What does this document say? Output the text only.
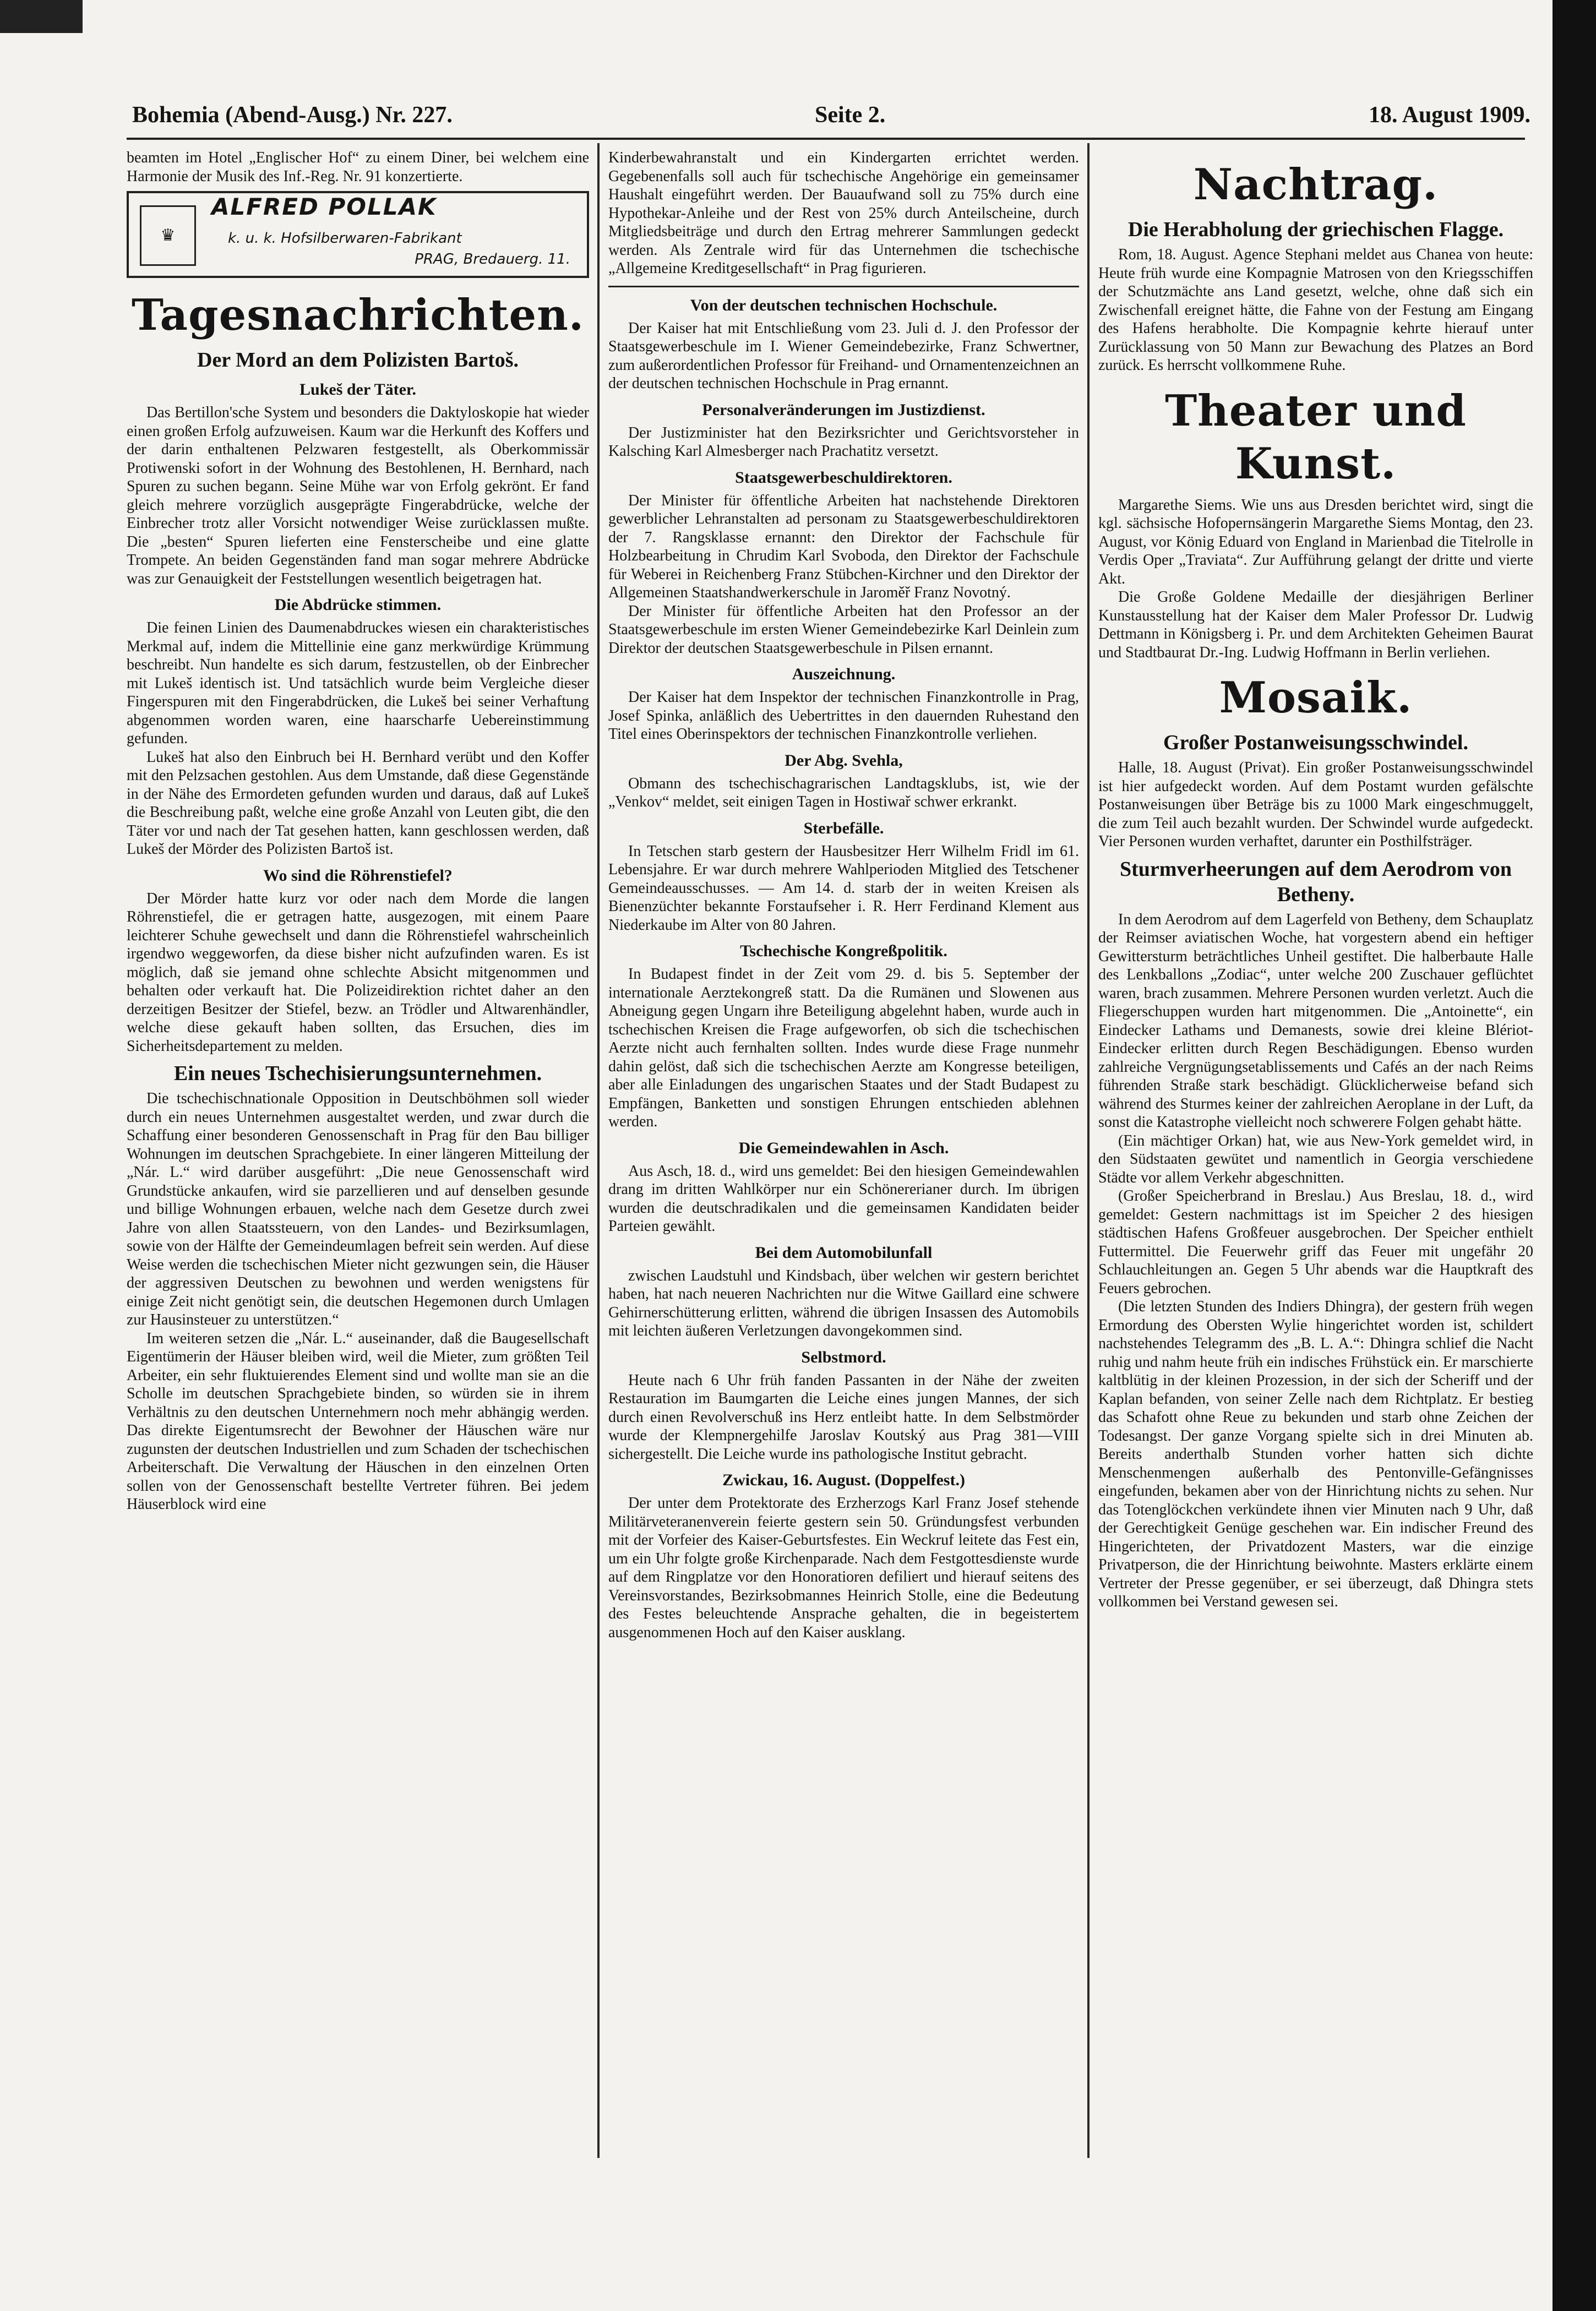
Bohemia (Abend-Ausg.) Nr. 227.	Seite 2.	18. August 1909.

beamten im Hotel „Englischer Hof“ zu einem Diner, bei welchem eine Harmonie der Musik des Inf.-Reg. Nr. 91 konzertierte.

♛
ALFRED POLLAK
k. u. k. Hofsilberwaren-Fabrikant
PRAG, Bredauerg. 11.
Tagesnachrichten.
Der Mord an dem Polizisten Bartoš.
Lukeš der Täter.

Das Bertillon'sche System und besonders die Daktyloskopie hat wieder einen großen Erfolg aufzuweisen. Kaum war die Herkunft des Koffers und der darin enthaltenen Pelzwaren festgestellt, als Oberkommissär Protiwenski sofort in der Wohnung des Bestohlenen, H. Bernhard, nach Spuren zu suchen begann. Seine Mühe war von Erfolg gekrönt. Er fand gleich mehrere vorzüglich ausgeprägte Fingerabdrücke, welche der Einbrecher trotz aller Vorsicht notwendiger Weise zurücklassen mußte. Die „besten“ Spuren lieferten eine Fensterscheibe und eine glatte Trompete. An beiden Gegenständen fand man sogar mehrere Abdrücke was zur Genauigkeit der Feststellungen wesentlich beigetragen hat.

Die Abdrücke stimmen.

Die feinen Linien des Daumenabdruckes wiesen ein charakteristisches Merkmal auf, indem die Mittellinie eine ganz merkwürdige Krümmung beschreibt. Nun handelte es sich darum, festzustellen, ob der Einbrecher mit Lukeš identisch ist. Und tatsächlich wurde beim Vergleiche dieser Fingerspuren mit den Fingerabdrücken, die Lukeš bei seiner Verhaftung abgenommen worden waren, eine haarscharfe Uebereinstimmung gefunden.

Lukeš hat also den Einbruch bei H. Bernhard verübt und den Koffer mit den Pelzsachen gestohlen. Aus dem Umstande, daß diese Gegenstände in der Nähe des Ermordeten gefunden wurden und daraus, daß auf Lukeš die Beschreibung paßt, welche eine große Anzahl von Leuten gibt, die den Täter vor und nach der Tat gesehen hatten, kann geschlossen werden, daß Lukeš der Mörder des Polizisten Bartoš ist.

Wo sind die Röhrenstiefel?

Der Mörder hatte kurz vor oder nach dem Morde die langen Röhrenstiefel, die er getragen hatte, ausgezogen, mit einem Paare leichterer Schuhe gewechselt und dann die Röhrenstiefel wahrscheinlich irgendwo weggeworfen, da diese bisher nicht aufzufinden waren. Es ist möglich, daß sie jemand ohne schlechte Absicht mitgenommen und behalten oder verkauft hat. Die Polizeidirektion richtet daher an den derzeitigen Besitzer der Stiefel, bezw. an Trödler und Altwarenhändler, welche diese gekauft haben sollten, das Ersuchen, dies im Sicherheitsdepartement zu melden.

Ein neues Tschechisierungsunternehmen.

Die tschechischnationale Opposition in Deutschböhmen soll wieder durch ein neues Unternehmen ausgestaltet werden, und zwar durch die Schaffung einer besonderen Genossenschaft in Prag für den Bau billiger Wohnungen im deutschen Sprachgebiete. In einer längeren Mitteilung der „Nár. L.“ wird darüber ausgeführt: „Die neue Genossenschaft wird Grundstücke ankaufen, wird sie parzellieren und auf denselben gesunde und billige Wohnungen erbauen, welche nach dem Gesetze durch zwei Jahre von allen Staatssteuern, von den Landes- und Bezirksumlagen, sowie von der Hälfte der Gemeindeumlagen befreit sein werden. Auf diese Weise werden die tschechischen Mieter nicht gezwungen sein, die Häuser der aggressiven Deutschen zu bewohnen und werden wenigstens für einige Zeit nicht genötigt sein, die deutschen Hegemonen durch Umlagen zur Hausinsteuer zu unterstützen.“

Im weiteren setzen die „Nár. L.“ auseinander, daß die Baugesellschaft Eigentümerin der Häuser bleiben wird, weil die Mieter, zum größten Teil Arbeiter, ein sehr fluktuierendes Element sind und wollte man sie an die Scholle im deutschen Sprachgebiete binden, so würden sie in ihrem Verhältnis zu den deutschen Unternehmern noch mehr abhängig werden. Das direkte Eigentumsrecht der Bewohner der Häuschen wäre nur zugunsten der deutschen Industriellen und zum Schaden der tschechischen Arbeiterschaft. Die Verwaltung der Häuschen in den einzelnen Orten sollen von der Genossenschaft bestellte Vertreter führen. Bei jedem Häuserblock wird eine

Kinderbewahranstalt und ein Kindergarten errichtet werden. Gegebenenfalls soll auch für tschechische Angehörige ein gemeinsamer Haushalt eingeführt werden. Der Bauaufwand soll zu 75% durch eine Hypothekar-Anleihe und der Rest von 25% durch Anteilscheine, durch Mitgliedsbeiträge und durch den Ertrag mehrerer Sammlungen gedeckt werden. Als Zentrale wird für das Unternehmen die tschechische „Allgemeine Kreditgesellschaft“ in Prag figurieren.

Von der deutschen technischen Hochschule.

Der Kaiser hat mit Entschließung vom 23. Juli d. J. den Professor der Staatsgewerbeschule im I. Wiener Gemeindebezirke, Franz Schwertner, zum außerordentlichen Professor für Freihand- und Ornamentenzeichnen an der deutschen technischen Hochschule in Prag ernannt.

Personalveränderungen im Justizdienst.

Der Justizminister hat den Bezirksrichter und Gerichtsvorsteher in Kalsching Karl Almesberger nach Prachatitz versetzt.

Staatsgewerbeschuldirektoren.

Der Minister für öffentliche Arbeiten hat nachstehende Direktoren gewerblicher Lehranstalten ad personam zu Staatsgewerbeschuldirektoren der 7. Rangsklasse ernannt: den Direktor der Fachschule für Holzbearbeitung in Chrudim Karl Svoboda, den Direktor der Fachschule für Weberei in Reichenberg Franz Stübchen-Kirchner und den Direktor der Allgemeinen Staatshandwerkerschule in Jaroměř Franz Novotný.

Der Minister für öffentliche Arbeiten hat den Professor an der Staatsgewerbeschule im ersten Wiener Gemeindebezirke Karl Deinlein zum Direktor der deutschen Staatsgewerbeschule in Pilsen ernannt.

Auszeichnung.

Der Kaiser hat dem Inspektor der technischen Finanzkontrolle in Prag, Josef Spinka, anläßlich des Uebertrittes in den dauernden Ruhestand den Titel eines Oberinspektors der technischen Finanzkontrolle verliehen.

Der Abg. Svehla,

Obmann des tschechischagrarischen Landtagsklubs, ist, wie der „Venkov“ meldet, seit einigen Tagen in Hostiwař schwer erkrankt.

Sterbefälle.

In Tetschen starb gestern der Hausbesitzer Herr Wilhelm Fridl im 61. Lebensjahre. Er war durch mehrere Wahlperioden Mitglied des Tetschener Gemeindeausschusses. — Am 14. d. starb der in weiten Kreisen als Bienenzüchter bekannte Forstaufseher i. R. Herr Ferdinand Klement aus Niederkaube im Alter von 80 Jahren.

Tschechische Kongreßpolitik.

In Budapest findet in der Zeit vom 29. d. bis 5. September der internationale Aerztekongreß statt. Da die Rumänen und Slowenen aus Abneigung gegen Ungarn ihre Beteiligung abgelehnt haben, wurde auch in tschechischen Kreisen die Frage aufgeworfen, ob sich die tschechischen Aerzte nicht auch fernhalten sollten. Indes wurde diese Frage nunmehr dahin gelöst, daß sich die tschechischen Aerzte am Kongresse beteiligen, aber alle Einladungen des ungarischen Staates und der Stadt Budapest zu Empfängen, Banketten und sonstigen Ehrungen entschieden ablehnen werden.

Die Gemeindewahlen in Asch.

Aus Asch, 18. d., wird uns gemeldet: Bei den hiesigen Gemeindewahlen drang im dritten Wahlkörper nur ein Schönererianer durch. Im übrigen wurden die deutschradikalen und die gemeinsamen Kandidaten beider Parteien gewählt.

Bei dem Automobilunfall

zwischen Laudstuhl und Kindsbach, über welchen wir gestern berichtet haben, hat nach neueren Nachrichten nur die Witwe Gaillard eine schwere Gehirnerschütterung erlitten, während die übrigen Insassen des Automobils mit leichten äußeren Verletzungen davongekommen sind.

Selbstmord.

Heute nach 6 Uhr früh fanden Passanten in der Nähe der zweiten Restauration im Baumgarten die Leiche eines jungen Mannes, der sich durch einen Revolverschuß ins Herz entleibt hatte. In dem Selbstmörder wurde der Klempnergehilfe Jaroslav Koutský aus Prag 381—VIII sichergestellt. Die Leiche wurde ins pathologische Institut gebracht.

Zwickau, 16. August. (Doppelfest.)

Der unter dem Protektorate des Erzherzogs Karl Franz Josef stehende Militärveteranenverein feierte gestern sein 50. Gründungsfest verbunden mit der Vorfeier des Kaiser-Geburtsfestes. Ein Weckruf leitete das Fest ein, um ein Uhr folgte große Kirchenparade. Nach dem Festgottesdienste wurde auf dem Ringplatze vor den Honoratioren defiliert und hierauf seitens des Vereinsvorstandes, Bezirksobmannes Heinrich Stolle, eine die Bedeutung des Festes beleuchtende Ansprache gehalten, die in begeistertem ausgenommenen Hoch auf den Kaiser ausklang.

Nachtrag.
Die Herabholung der griechischen Flagge.

Rom, 18. August. Agence Stephani meldet aus Chanea von heute: Heute früh wurde eine Kompagnie Matrosen von den Kriegsschiffen der Schutzmächte ans Land gesetzt, welche, ohne daß sich ein Zwischenfall ereignet hätte, die Fahne von der Festung am Eingang des Hafens herabholte. Die Kompagnie kehrte hierauf unter Zurücklassung von 50 Mann zur Bewachung des Platzes an Bord zurück. Es herrscht vollkommene Ruhe.

Theater und Kunst.

Margarethe Siems. Wie uns aus Dresden berichtet wird, singt die kgl. sächsische Hofopernsängerin Margarethe Siems Montag, den 23. August, vor König Eduard von England in Marienbad die Titelrolle in Verdis Oper „Traviata“. Zur Aufführung gelangt der dritte und vierte Akt.

Die Große Goldene Medaille der diesjährigen Berliner Kunstausstellung hat der Kaiser dem Maler Professor Dr. Ludwig Dettmann in Königsberg i. Pr. und dem Architekten Geheimen Baurat und Stadtbaurat Dr.-Ing. Ludwig Hoffmann in Berlin verliehen.

Mosaik.
Großer Postanweisungsschwindel.

Halle, 18. August (Privat). Ein großer Postanweisungsschwindel ist hier aufgedeckt worden. Auf dem Postamt wurden gefälschte Postanweisungen über Beträge bis zu 1000 Mark eingeschmuggelt, die zum Teil auch bezahlt wurden. Der Schwindel wurde aufgedeckt. Vier Personen wurden verhaftet, darunter ein Posthilfsträger.

Sturmverheerungen auf dem Aerodrom von Betheny.

In dem Aerodrom auf dem Lagerfeld von Betheny, dem Schauplatz der Reimser aviatischen Woche, hat vorgestern abend ein heftiger Gewittersturm beträchtliches Unheil gestiftet. Die halberbaute Halle des Lenkballons „Zodiac“, unter welche 200 Zuschauer geflüchtet waren, brach zusammen. Mehrere Personen wurden verletzt. Auch die Fliegerschuppen wurden hart mitgenommen. Die „Antoinette“, ein Eindecker Lathams und Demanests, sowie drei kleine Blériot-Eindecker erlitten durch Regen Beschädigungen. Ebenso wurden zahlreiche Vergnügungsetablissements und Cafés an der nach Reims führenden Straße stark beschädigt. Glücklicherweise befand sich während des Sturmes keiner der zahlreichen Aeroplane in der Luft, da sonst die Katastrophe vielleicht noch schwerere Folgen gehabt hätte.

(Ein mächtiger Orkan) hat, wie aus New-York gemeldet wird, in den Südstaaten gewütet und namentlich in Georgia verschiedene Städte vor allem Verkehr abgeschnitten.

(Großer Speicherbrand in Breslau.) Aus Breslau, 18. d., wird gemeldet: Gestern nachmittags ist im Speicher 2 des hiesigen städtischen Hafens Großfeuer ausgebrochen. Der Speicher enthielt Futtermittel. Die Feuerwehr griff das Feuer mit ungefähr 20 Schlauchleitungen an. Gegen 5 Uhr abends war die Hauptkraft des Feuers gebrochen.

(Die letzten Stunden des Indiers Dhingra), der gestern früh wegen Ermordung des Obersten Wylie hingerichtet worden ist, schildert nachstehendes Telegramm des „B. L. A.“: Dhingra schlief die Nacht ruhig und nahm heute früh ein indisches Frühstück ein. Er marschierte kaltblütig in der kleinen Prozession, in der sich der Scheriff und der Kaplan befanden, von seiner Zelle nach dem Richtplatz. Er bestieg das Schafott ohne Reue zu bekunden und starb ohne Zeichen der Todesangst. Der ganze Vorgang spielte sich in drei Minuten ab. Bereits anderthalb Stunden vorher hatten sich dichte Menschenmengen außerhalb des Pentonville-Gefängnisses eingefunden, bekamen aber von der Hinrichtung nichts zu sehen. Nur das Totenglöckchen verkündete ihnen vier Minuten nach 9 Uhr, daß der Gerechtigkeit Genüge geschehen war. Ein indischer Freund des Hingerichteten, der Privatdozent Masters, war die einzige Privatperson, die der Hinrichtung beiwohnte. Masters erklärte einem Vertreter der Presse gegenüber, er sei überzeugt, daß Dhingra stets vollkommen bei Verstand gewesen sei.
